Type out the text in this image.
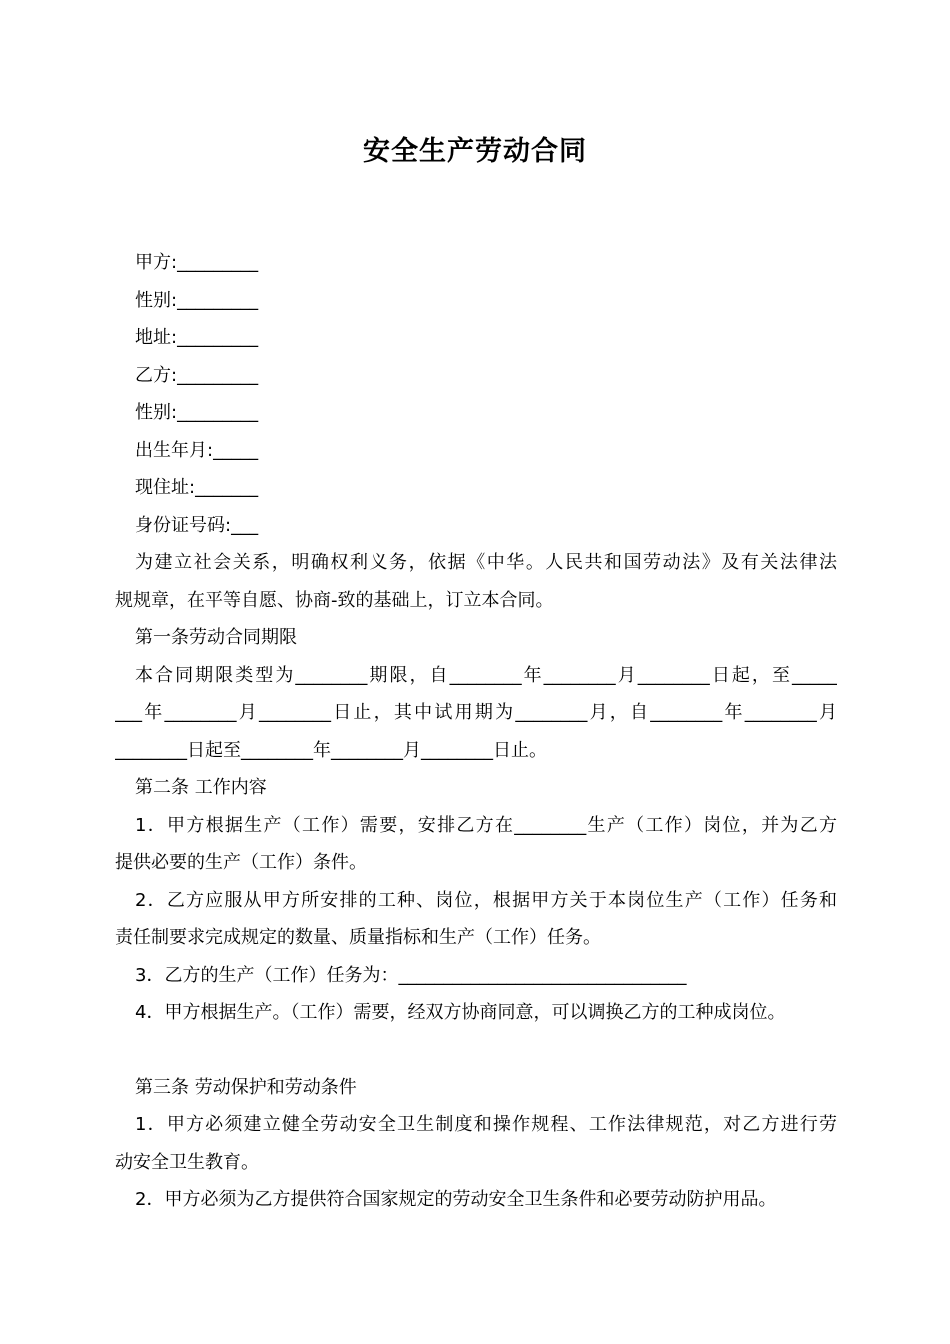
安全生产劳动合同
甲方:_________
性别:_________
地址:_________
乙方:_________
性别:_________
出生年月:_____
现住址:_______
身份证号码:___
为建立社会关系，明确权利义务，依据《中华。人民共和国劳动法》及有关法律法
规规章，在平等自愿、协商-致的基础上，订立本合同。
第一条劳动合同期限
本合同期限类型为________期限，自________年________月________日起，至_____
___年________月________日止，其中试用期为________月，自________年________月
________日起至________年________月________日止。
第二条 工作内容
1．甲方根据生产（工作）需要，安排乙方在________生产（工作）岗位，并为乙方
提供必要的生产（工作）条件。
2．乙方应服从甲方所安排的工种、岗位，根据甲方关于本岗位生产（工作）任务和
责任制要求完成规定的数量、质量指标和生产（工作）任务。
3．乙方的生产（工作）任务为：________________________________
4．甲方根据生产。（工作）需要，经双方协商同意，可以调换乙方的工种成岗位。
第三条 劳动保护和劳动条件
1．甲方必须建立健全劳动安全卫生制度和操作规程、工作法律规范，对乙方进行劳
动安全卫生教育。
2．甲方必须为乙方提供符合国家规定的劳动安全卫生条件和必要劳动防护用品。
